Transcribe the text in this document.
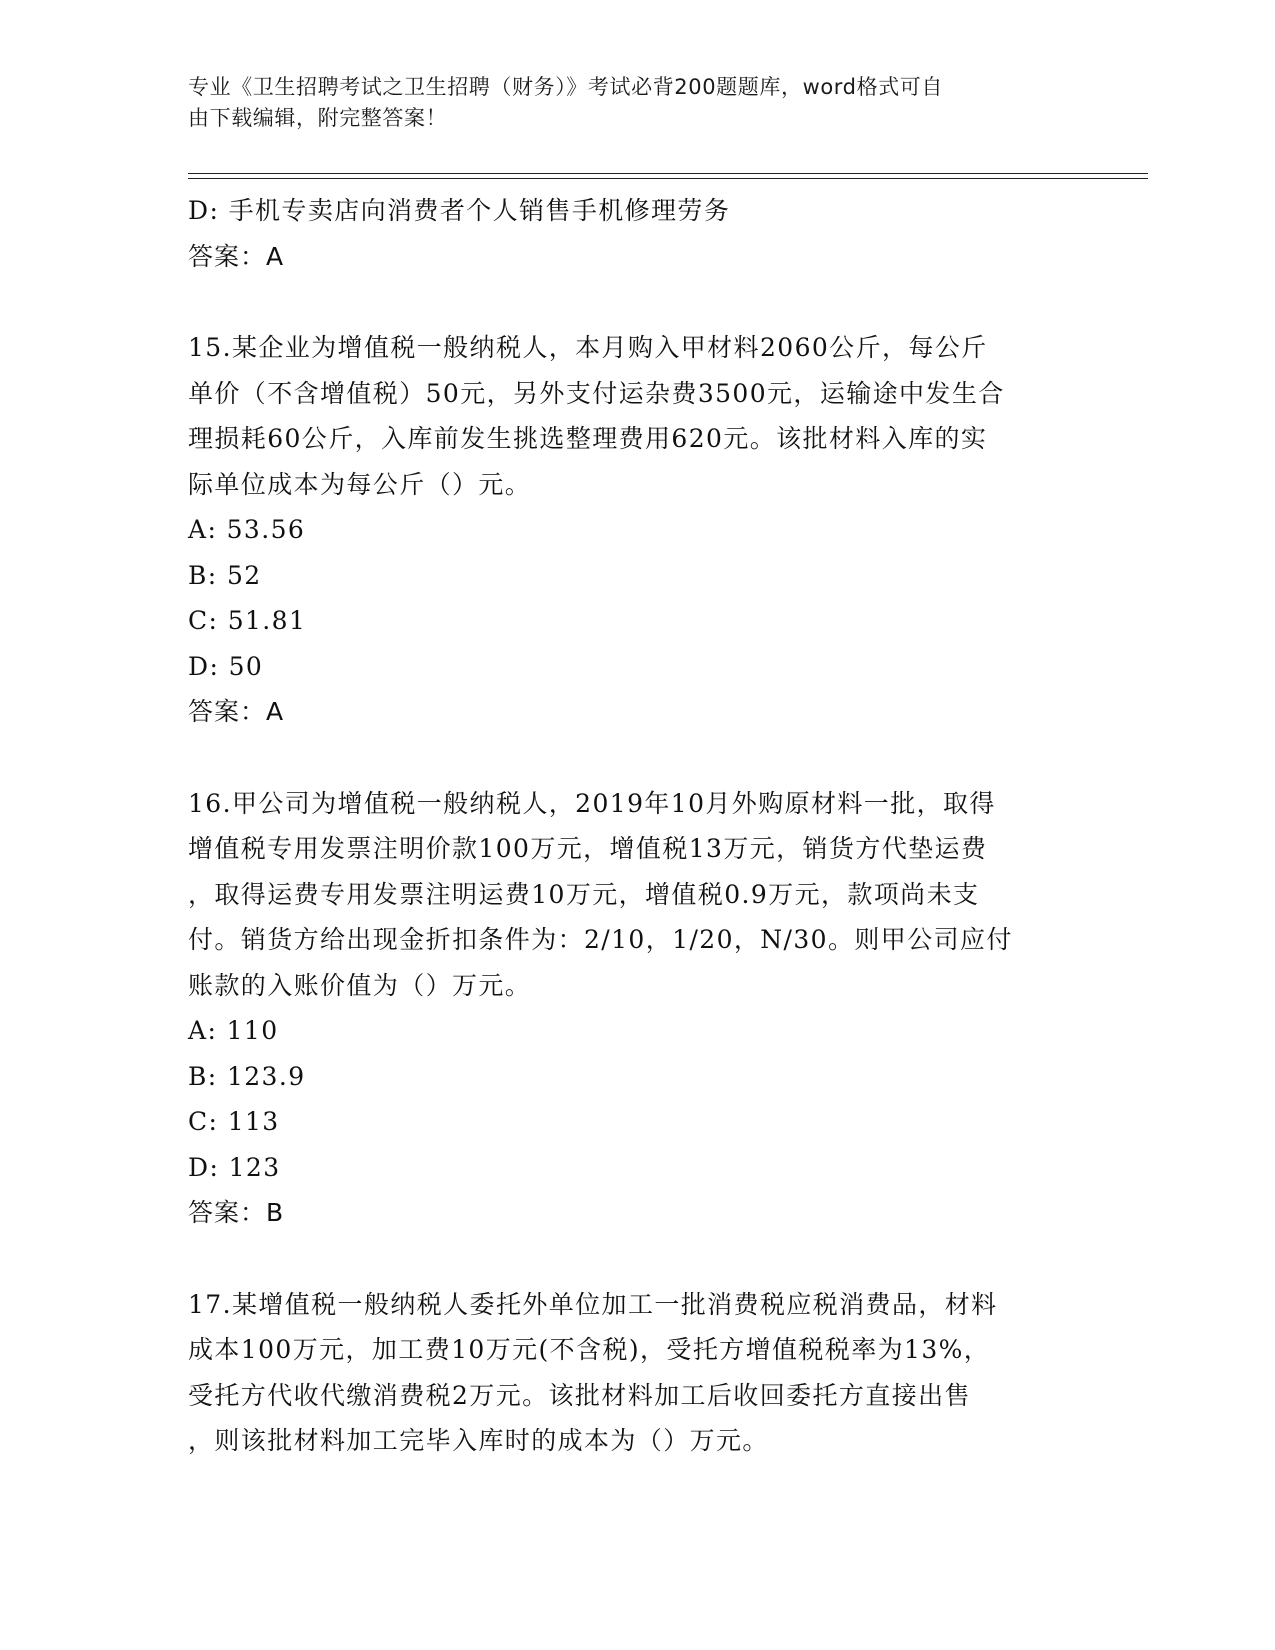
专业《卫生招聘考试之卫生招聘（财务）》考试必背200题题库，word格式可自
由下载编辑，附完整答案！
D: 手机专卖店向消费者个人销售手机修理劳务
答案：A
15.某企业为增值税一般纳税人，本月购入甲材料2060公斤，每公斤
单价（不含增值税）50元，另外支付运杂费3500元，运输途中发生合
理损耗60公斤，入库前发生挑选整理费用620元。该批材料入库的实
际单位成本为每公斤（）元。
A: 53.56
B: 52
C: 51.81
D: 50
答案：A
16.甲公司为增值税一般纳税人，2019年10月外购原材料一批，取得
增值税专用发票注明价款100万元，增值税13万元，销货方代垫运费
，取得运费专用发票注明运费10万元，增值税0.9万元，款项尚未支
付。销货方给出现金折扣条件为：2/10，1/20，N/30。则甲公司应付
账款的入账价值为（）万元。
A: 110
B: 123.9
C: 113
D: 123
答案：B
17.某增值税一般纳税人委托外单位加工一批消费税应税消费品，材料
成本100万元，加工费10万元(不含税)，受托方增值税税率为13%，
受托方代收代缴消费税2万元。该批材料加工后收回委托方直接出售
，则该批材料加工完毕入库时的成本为（）万元。
